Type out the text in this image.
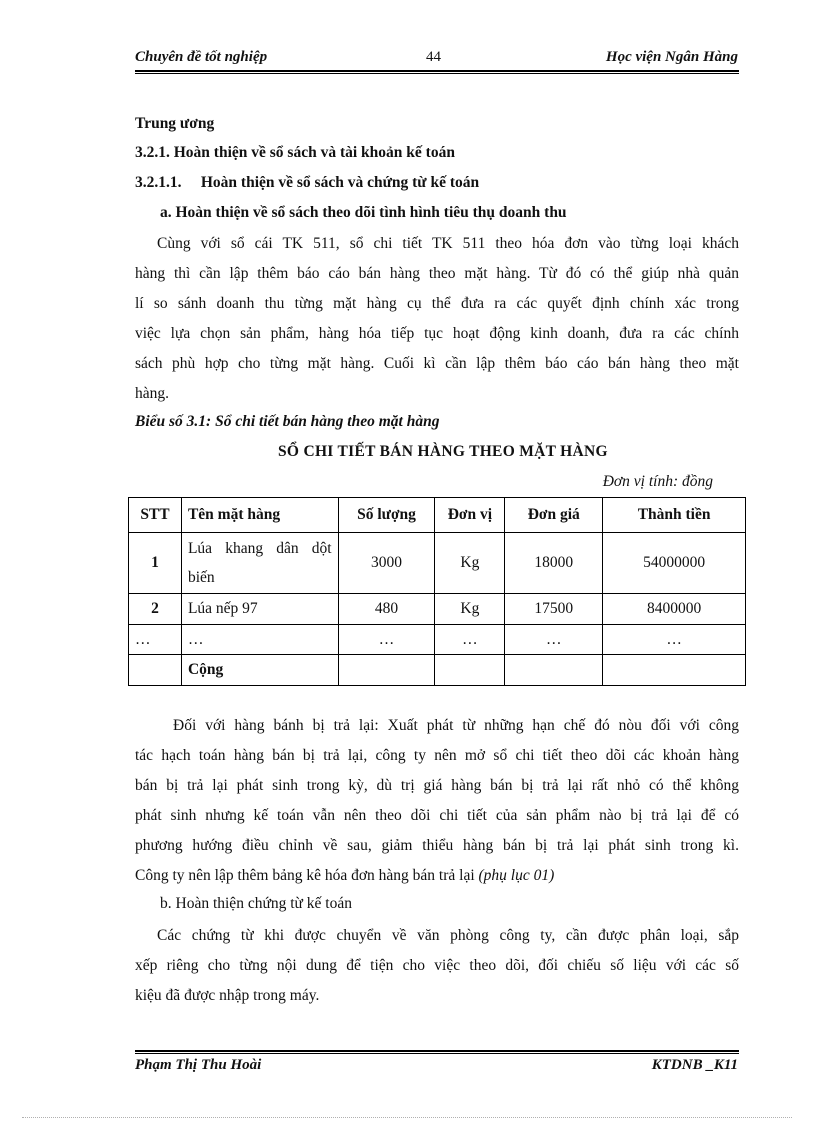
Chuyên đề tốt nghiệp	44	Học viện Ngân Hàng
Trung ương
3.2.1. Hoàn thiện về sổ sách và tài khoản kế toán
3.2.1.1.     Hoàn thiện về sổ sách và chứng từ kế toán
a. Hoàn thiện về sổ sách theo dõi tình hình tiêu thụ doanh thu
Cùng với sổ cái TK 511, sổ chi tiết TK 511 theo hóa đơn vào từng loại khách
hàng thì cần lập thêm báo cáo bán hàng theo mặt hàng. Từ đó có thể giúp nhà quản
lí so sánh doanh thu từng mặt hàng cụ thể đưa ra các quyết định chính xác trong
việc lựa chọn sản phẩm, hàng hóa tiếp tục hoạt động kinh doanh, đưa ra các chính
sách phù hợp cho từng mặt hàng. Cuối kì cần lập thêm báo cáo bán hàng theo mặt
hàng.
Biểu số 3.1: Sổ chi tiết bán hàng theo mặt hàng
SỔ CHI TIẾT BÁN HÀNG THEO MẶT HÀNG
Đơn vị tính: đồng
STT	Tên mặt hàng	Số lượng	Đơn vị	Đơn giá	Thành tiền
1	Lúa khang dân dột biến	3000	Kg	18000	54000000
2	Lúa nếp 97	480	Kg	17500	8400000
…	…	…	…	…	…
	Cộng				
Đối với hàng bánh bị trả lại: Xuất phát từ những hạn chế đó nòu đối với công
tác hạch toán hàng bán bị trả lại, công ty nên mở sổ chi tiết theo dõi các khoản hàng
bán bị trả lại phát sinh trong kỳ, dù trị giá hàng bán bị trả lại rất nhỏ có thể không
phát sinh nhưng kế toán vẫn nên theo dõi chi tiết của sản phẩm nào bị trả lại để có
phương hướng điều chỉnh về sau, giảm thiểu hàng bán bị trả lại phát sinh trong kì.
Công ty nên lập thêm bảng kê hóa đơn hàng bán trả lại (phụ lục 01)
b. Hoàn thiện chứng từ kế toán
Các chứng từ khi được chuyển về văn phòng công ty, cần được phân loại, sắp
xếp riêng cho từng nội dung để tiện cho việc theo dõi, đối chiếu số liệu với các số
kiệu đã được nhập trong máy.
Phạm Thị Thu Hoài	KTDNB _K11
